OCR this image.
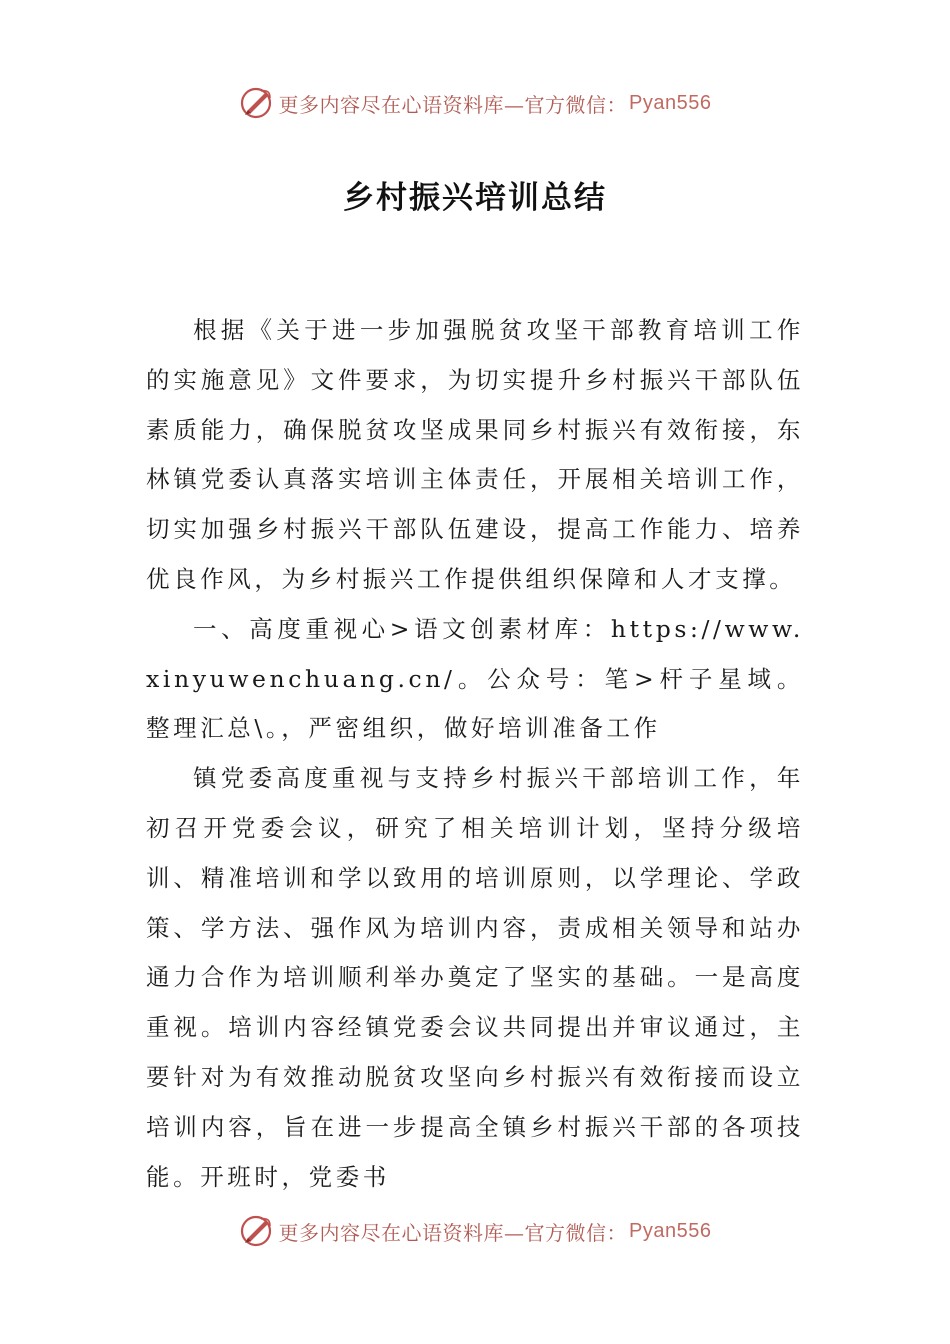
更多内容尽在心语资料库—官方微信： Pyan556
乡村振兴培训总结

根据《关于进一步加强脱贫攻坚干部教育培训工作的实施意见》文件要求，为切实提升乡村振兴干部队伍素质能力，确保脱贫攻坚成果同乡村振兴有效衔接，东林镇党委认真落实培训主体责任，开展相关培训工作，切实加强乡村振兴干部队伍建设，提高工作能力、培养优良作风，为乡村振兴工作提供组织保障和人才支撑。

一、高度重视心>语文创素材库：https://www.xinyuwenchuang.cn/。公众号：笔>杆子星域。整理汇总\。，严密组织，做好培训准备工作

镇党委高度重视与支持乡村振兴干部培训工作，年初召开党委会议，研究了相关培训计划，坚持分级培训、精准培训和学以致用的培训原则，以学理论、学政策、学方法、强作风为培训内容，责成相关领导和站办通力合作为培训顺利举办奠定了坚实的基础。一是高度重视。培训内容经镇党委会议共同提出并审议通过，主要针对为有效推动脱贫攻坚向乡村振兴有效衔接而设立培训内容，旨在进一步提高全镇乡村振兴干部的各项技能。开班时，党委书

更多内容尽在心语资料库—官方微信： Pyan556
